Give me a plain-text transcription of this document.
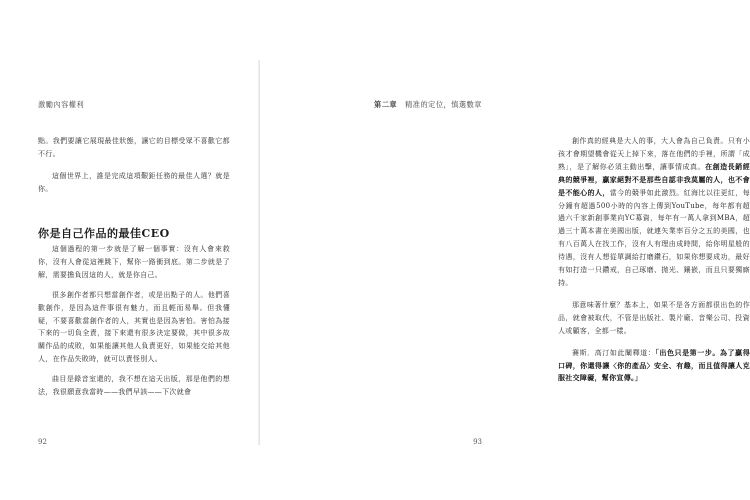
激勵內容權利

點。我們要讓它展現最佳狀態，讓它的目標受眾不喜歡它都不行。

這個世界上，誰是完成這項艱鉅任務的最佳人選？就是你。

你是自己作品的最佳CEO

這個過程的第一步就是了解一個事實：沒有人會來救你，沒有人會從這裡跳下，幫你一路衝到底。第二步就是了解，需要擔負因這的人，就是你自己。

很多創作者都只想當創作者，或是出點子的人。他們喜歡創作，是因為這件事很有魅力，而且輕而易舉。但我懂疑，不要喜歡當創作者的人，其實也是因為害怕。害怕為接下來的一切負全責，接下來還有很多決定要做，其中很多故關作品的成敗，如果能讓其他人負責更好，如果能交給其他人，在作品失敗時，就可以責怪別人。

曲目是錄音室還的，我不想在這天出版，那是他們的想法，我很願意我當時——我們早該——下次就會

92
第二章 精准的定位，慎選數章

創作真的經典是大人的事，大人會為自己負責。只有小孩才會期望機會從天上掉下來，落在他們的手裡，所謂「成熟」，是了解你必須主動出擊，讓事情成真。在創造長銷經典的競爭裡，贏家絕對不是那些自認非我莫屬的人，也不會是不能心的人，當今的競爭如此激烈。紅海比以往更紅，每分鐘有超過500小時的內容上傳到YouTube，每年都有超過六千家新創事業向YC募資，每年有一萬人拿到MBA，超過三十萬本書在美國出版，就連矢業率百分之五的美國，也有八百萬人在找工作，沒有人有理由成時間，給你明星般的待遇，沒有人想從單調給打磨鑽石，如果你想要成功，最好有如打造一只鑽戒，自己琢磨、拋光、鑲嵌，而且只要獨廝持。

那意味著什麼？基本上，如果不是各方面都很出色的作品，就會被取代，不管是出版社、製片廠、音樂公司、投資人或顧客，全都一樣。

賽斯．高汀如此闡釋道：「出色只是第一步。為了贏得口碑，你還得讓〈你的產品〉安全、有趣，而且值得讓人克服社交障礙，幫你宣傳。」

93
